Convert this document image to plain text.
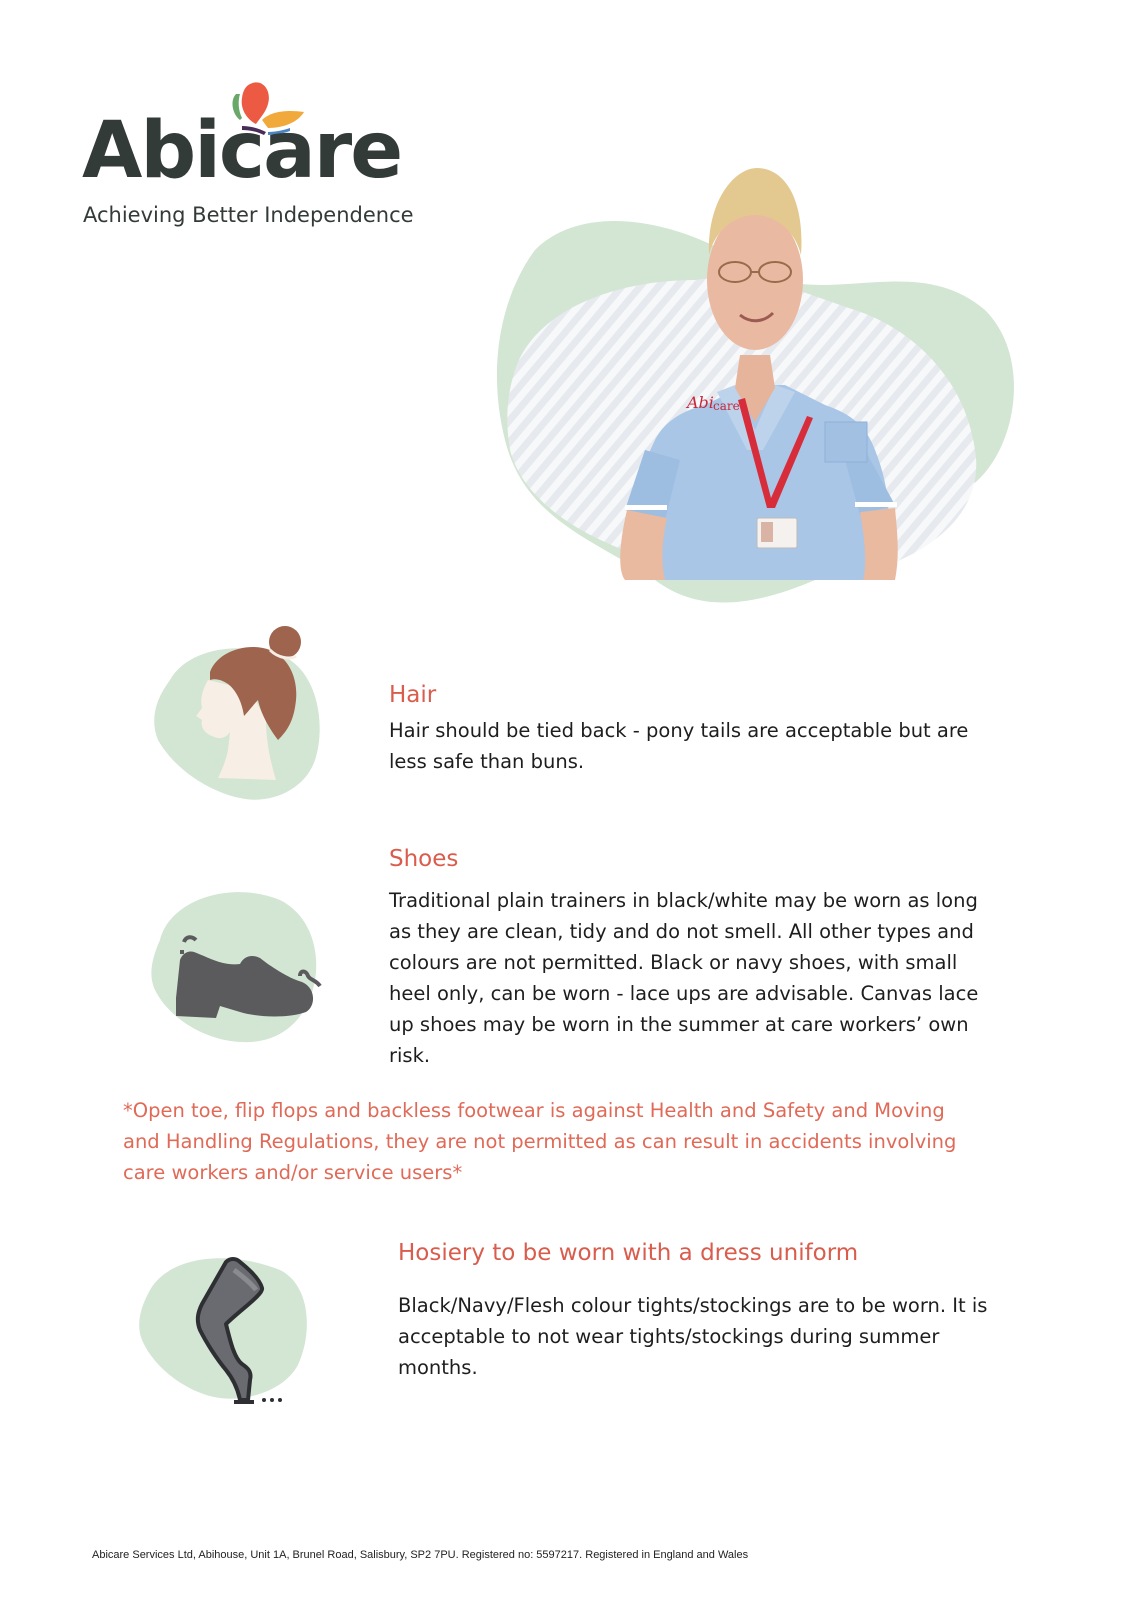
Abicare
Achieving Better Independence
Abi care
Hair
Hair should be tied back - pony tails are acceptable but are less safe than buns.
Shoes
Traditional plain trainers in black/white may be worn as long as they are clean, tidy and do not smell. All other types and colours are not permitted. Black or navy shoes, with small heel only, can be worn - lace ups are advisable. Canvas lace up shoes may be worn in the summer at care workers’ own risk.
*Open toe, flip flops and backless footwear is against Health and Safety and Moving and Handling Regulations, they are not permitted as can result in accidents involving care workers and/or service users*
Hosiery to be worn with a dress uniform
Black/Navy/Flesh colour tights/stockings are to be worn. It is acceptable to not wear tights/stockings during summer months.
Abicare Services Ltd, Abihouse, Unit 1A, Brunel Road, Salisbury, SP2 7PU. Registered no: 5597217. Registered in England and Wales
